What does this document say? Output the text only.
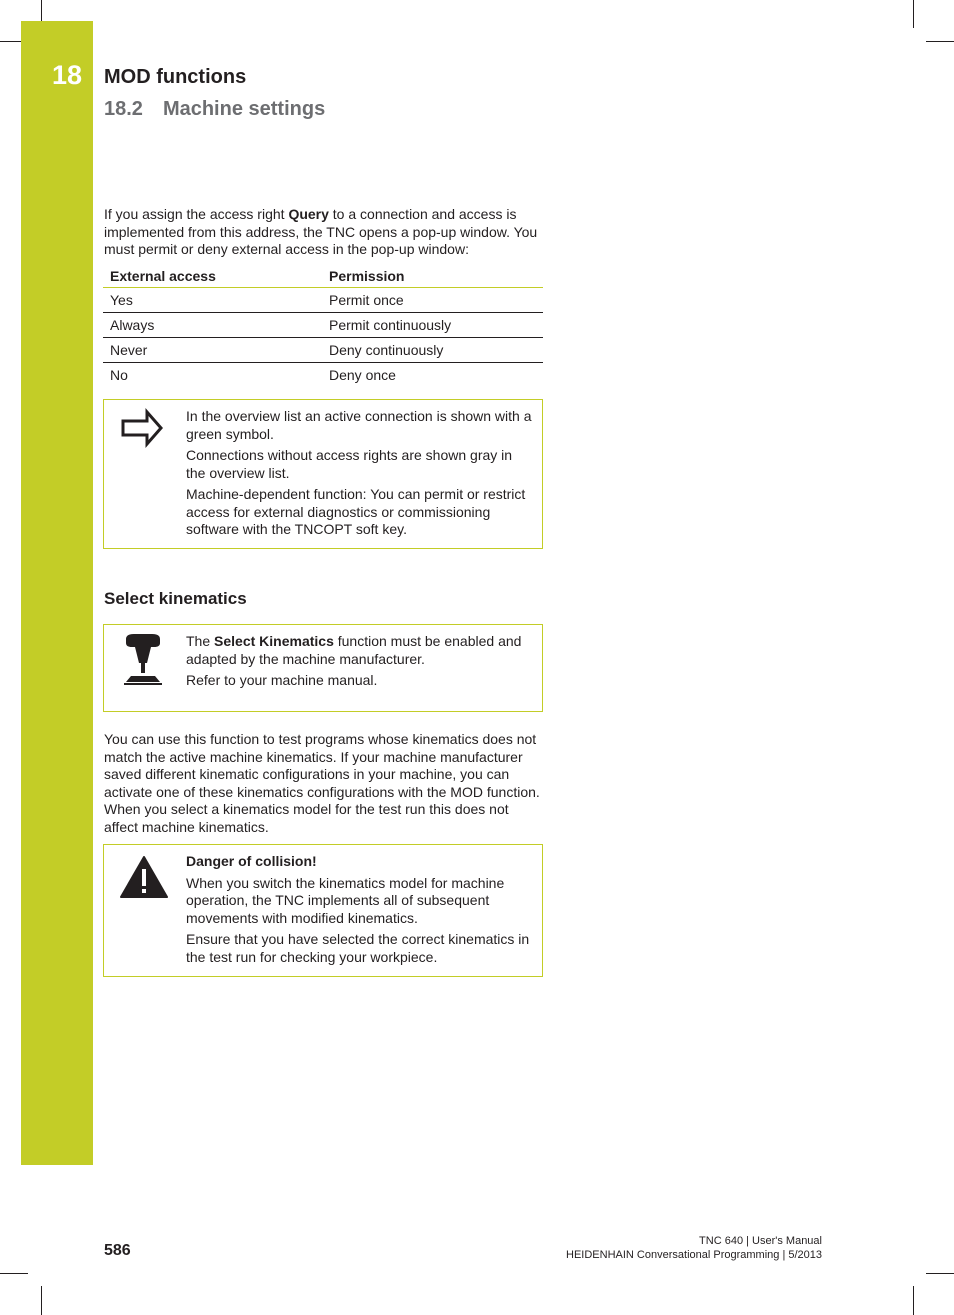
18 MOD functions
18.2 Machine settings
If you assign the access right Query to a connection and access is implemented from this address, the TNC opens a pop-up window. You must permit or deny external access in the pop-up window:
External access	Permission
Yes	Permit once
Always	Permit continuously
Never	Deny continuously
No	Deny once

In the overview list an active connection is shown with a green symbol.

Connections without access rights are shown gray in the overview list.

Machine-dependent function: You can permit or restrict access for external diagnostics or commissioning software with the TNCOPT soft key.

Select kinematics

The Select Kinematics function must be enabled and adapted by the machine manufacturer.

Refer to your machine manual.

You can use this function to test programs whose kinematics does not match the active machine kinematics. If your machine manufacturer saved different kinematic configurations in your machine, you can activate one of these kinematics configurations with the MOD function. When you select a kinematics model for the test run this does not affect machine kinematics.

Danger of collision!

When you switch the kinematics model for machine operation, the TNC implements all of subsequent movements with modified kinematics.

Ensure that you have selected the correct kinematics in the test run for checking your workpiece.

586
TNC 640 | User's Manual
HEIDENHAIN Conversational Programming | 5/2013
